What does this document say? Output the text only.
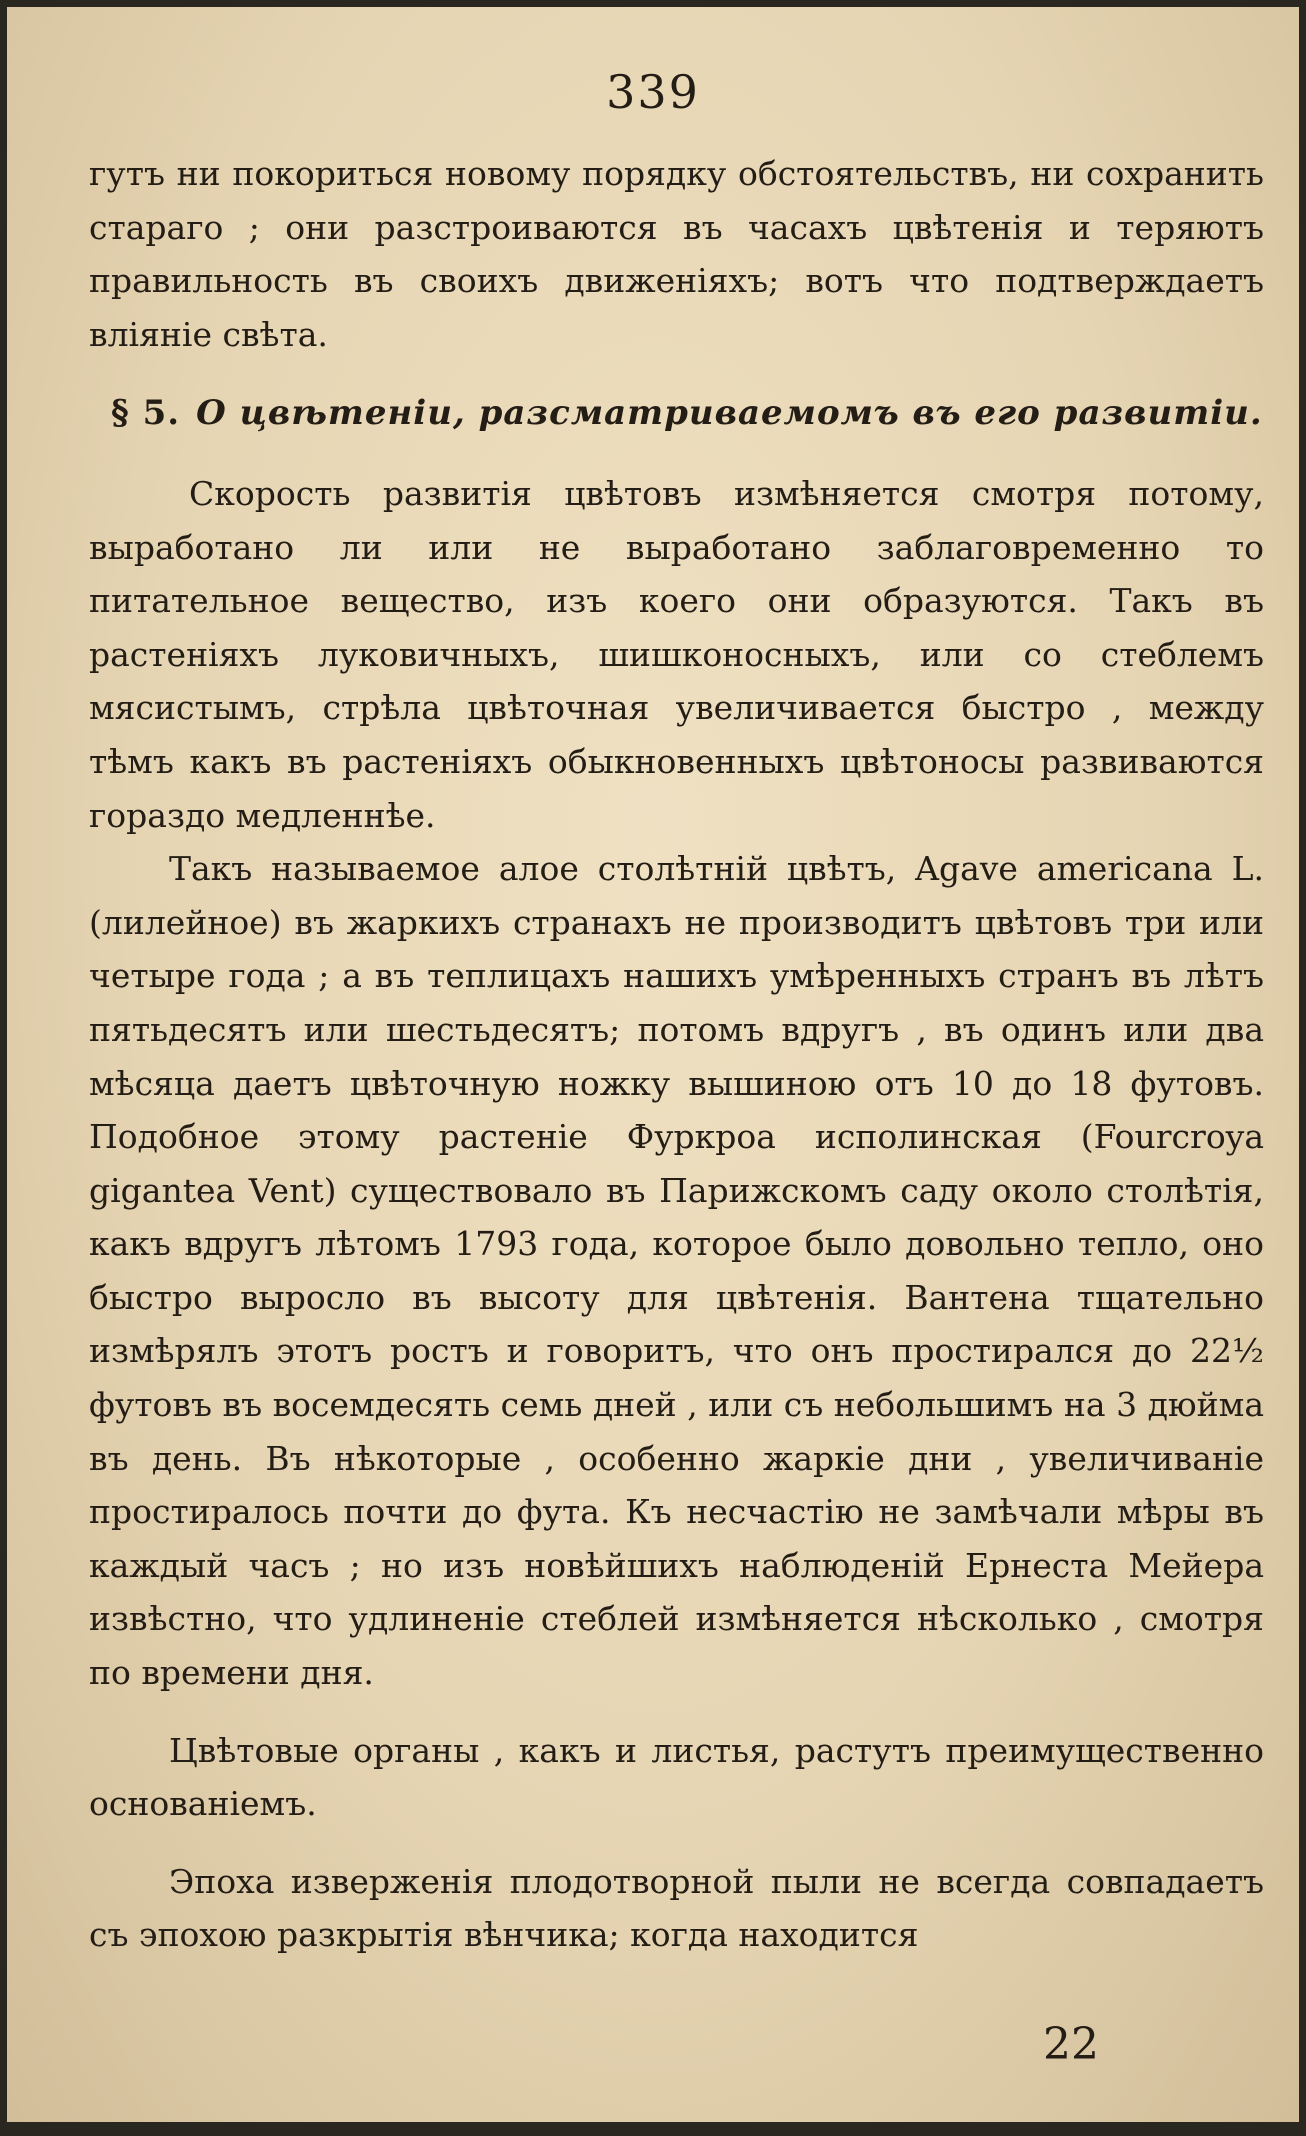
339

гутъ ни покориться новому порядку обстоятельствъ, ни сохранить стараго ; они разстроиваются въ часахъ цвѣтенія и теряютъ правильность въ своихъ движеніяхъ; вотъ что подтверждаетъ вліяніе свѣта.

§ 5. О цвѣтеніи, разсматриваемомъ въ его развитіи.

Скорость развитія цвѣтовъ измѣняется смотря потому, выработано ли или не выработано заблаговременно то питательное вещество, изъ коего они образуются. Такъ въ растеніяхъ луковичныхъ, шишконосныхъ, или со стеблемъ мясистымъ, стрѣла цвѣточная увеличивается быстро , между тѣмъ какъ въ растеніяхъ обыкновенныхъ цвѣтоносы развиваются гораздо медленнѣе.

Такъ называемое алое столѣтній цвѣтъ, Agave americana L. (лилейное) въ жаркихъ странахъ не производитъ цвѣтовъ три или четыре года ; а въ теплицахъ нашихъ умѣренныхъ странъ въ лѣтъ пятьдесятъ или шестьдесятъ; потомъ вдругъ , въ одинъ или два мѣсяца даетъ цвѣточную ножку вышиною отъ 10 до 18 футовъ. Подобное этому растеніе Фуркроа исполинская (Fourcroya gigantea Vent) существовало въ Парижскомъ саду около столѣтія, какъ вдругъ лѣтомъ 1793 года, которое было довольно тепло, оно быстро выросло въ высоту для цвѣтенія. Вантена тщательно измѣрялъ этотъ ростъ и говоритъ, что онъ простирался до 22½ футовъ въ восемдесять семь дней , или съ небольшимъ на 3 дюйма въ день. Въ нѣкоторые , особенно жаркіе дни , увеличиваніе простиралось почти до фута. Къ несчастію не замѣчали мѣры въ каждый часъ ; но изъ новѣйшихъ наблюденій Ернеста Мейера извѣстно, что удлиненіе стеблей измѣняется нѣсколько , смотря по времени дня.

Цвѣтовые органы , какъ и листья, растутъ преимущественно основаніемъ.

Эпоха изверженія плодотворной пыли не всегда совпадаетъ съ эпохою разкрытія вѣнчика; когда находится

22
